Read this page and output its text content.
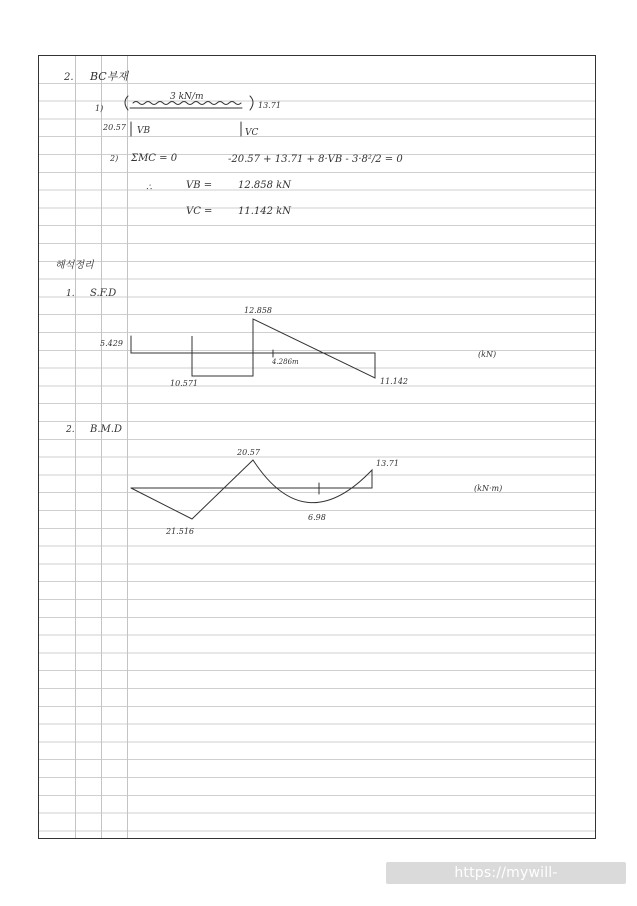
2. BC부재
1)
3 kN/m
13.71
20.57 VB	VC
2) ΣMC = 0	-20.57 + 13.71 + 8·VB - 3·8²/2 = 0
∴	VB =	12.858 kN
VC =	11.142 kN
해석정리
1. S.F.D
5.429
10.571
12.858
4.286m
11.142
(kN)
2. B.M.D
20.57
13.71
21.516
6.98
(kN·m)
https://mywill-engineer.tistory.com
